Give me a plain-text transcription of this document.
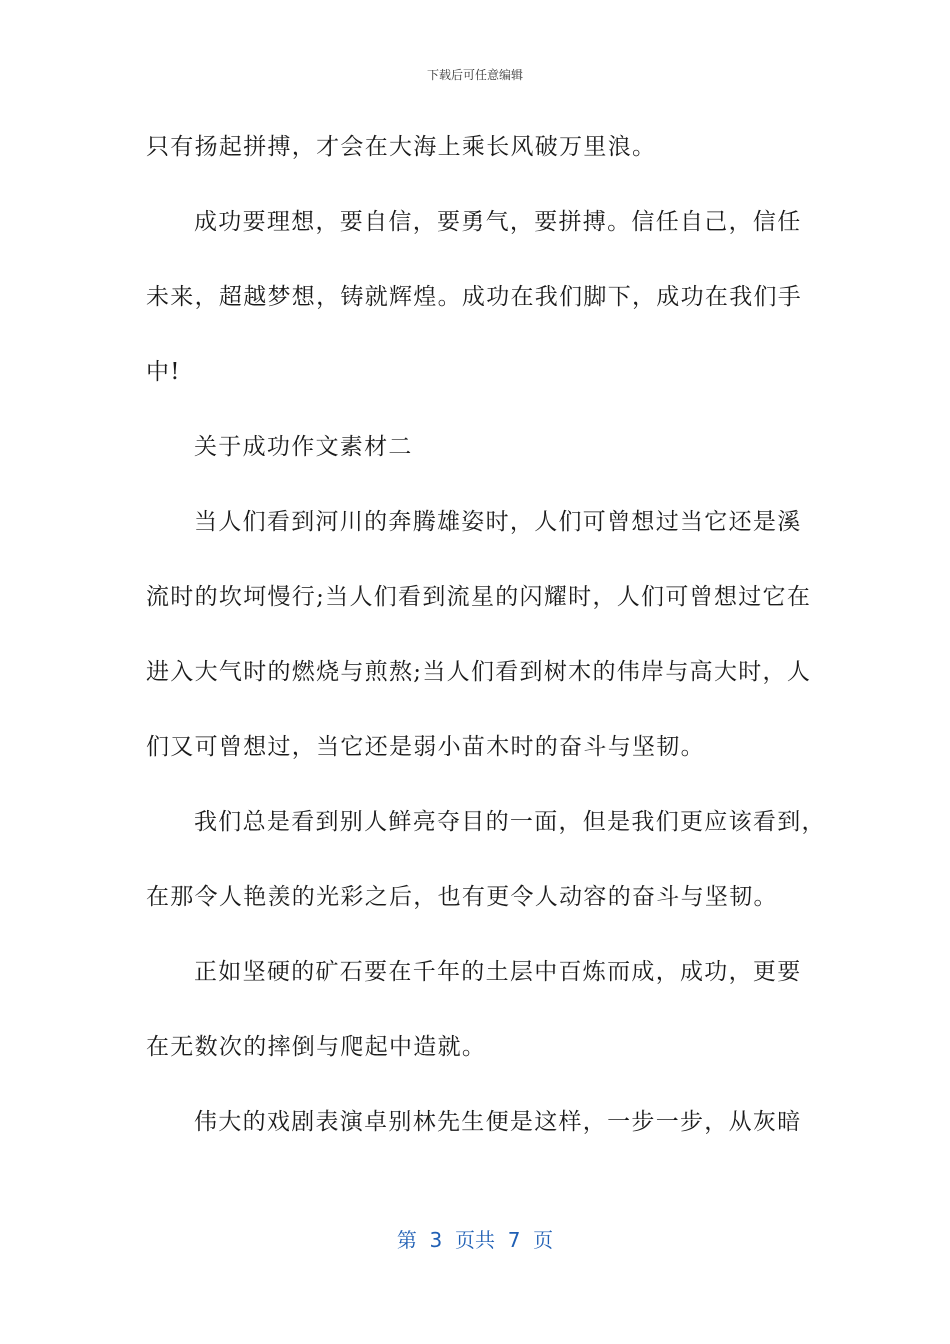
下载后可任意编辑
只有扬起拼搏，才会在大海上乘长风破万里浪。
成功要理想，要自信，要勇气，要拼搏。信任自己，信任
未来，超越梦想，铸就辉煌。成功在我们脚下，成功在我们手
中!
关于成功作文素材二
当人们看到河川的奔腾雄姿时，人们可曾想过当它还是溪
流时的坎坷慢行;当人们看到流星的闪耀时，人们可曾想过它在
进入大气时的燃烧与煎熬;当人们看到树木的伟岸与高大时，人
们又可曾想过，当它还是弱小苗木时的奋斗与坚韧。
我们总是看到别人鲜亮夺目的一面，但是我们更应该看到，
在那令人艳羡的光彩之后，也有更令人动容的奋斗与坚韧。
正如坚硬的矿石要在千年的土层中百炼而成，成功，更要
在无数次的摔倒与爬起中造就。
伟大的戏剧表演卓别林先生便是这样，一步一步，从灰暗
第  3  页共  7  页
